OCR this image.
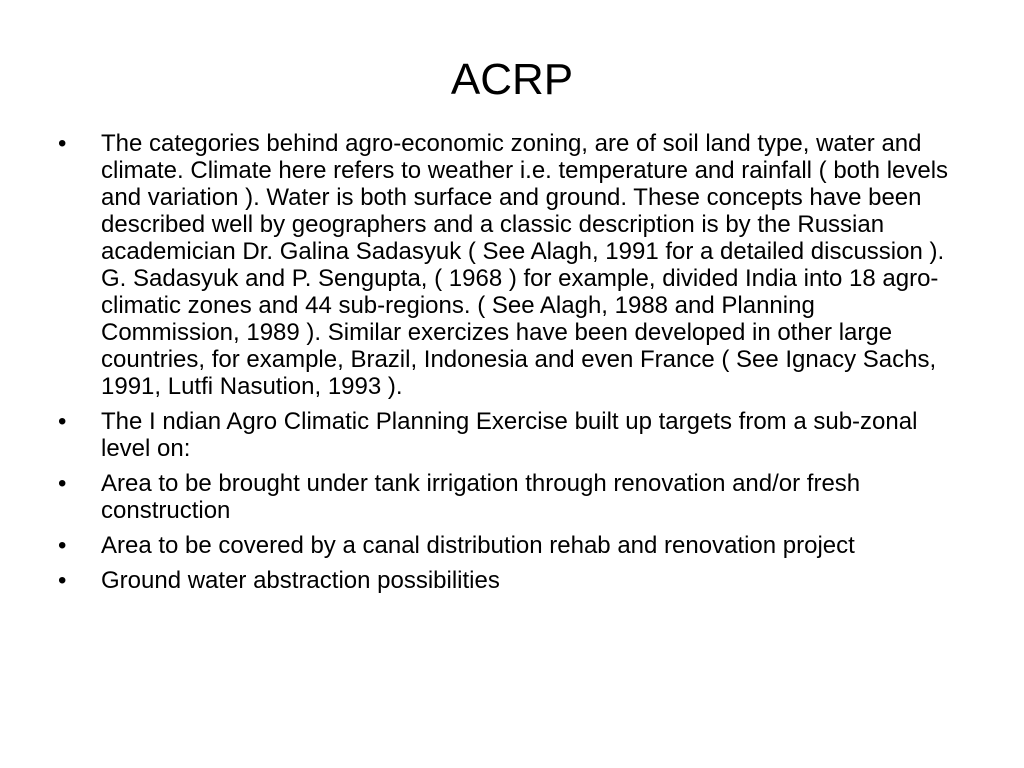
ACRP
•	The categories behind agro-economic zoning, are of soil land type, water and climate. Climate here refers to weather i.e. temperature and rainfall ( both levels and variation ). Water is both surface and ground. These concepts have been described well by geographers and a classic description is by the Russian academician Dr. Galina Sadasyuk ( See Alagh, 1991 for a detailed discussion ). G. Sadasyuk and P. Sengupta, ( 1968 ) for example, divided India into 18 agro-climatic zones and 44 sub-regions. ( See Alagh, 1988 and Planning Commission, 1989 ). Similar exercizes have been developed in other large countries, for example, Brazil, Indonesia and even France ( See Ignacy Sachs, 1991, Lutfi Nasution, 1993 ).
•	The I ndian Agro Climatic Planning Exercise built up targets from a sub-zonal level on:
•	Area to be brought under tank irrigation through renovation and/or fresh construction
•	Area to be covered by a canal distribution rehab and renovation project
•	Ground water abstraction possibilities
